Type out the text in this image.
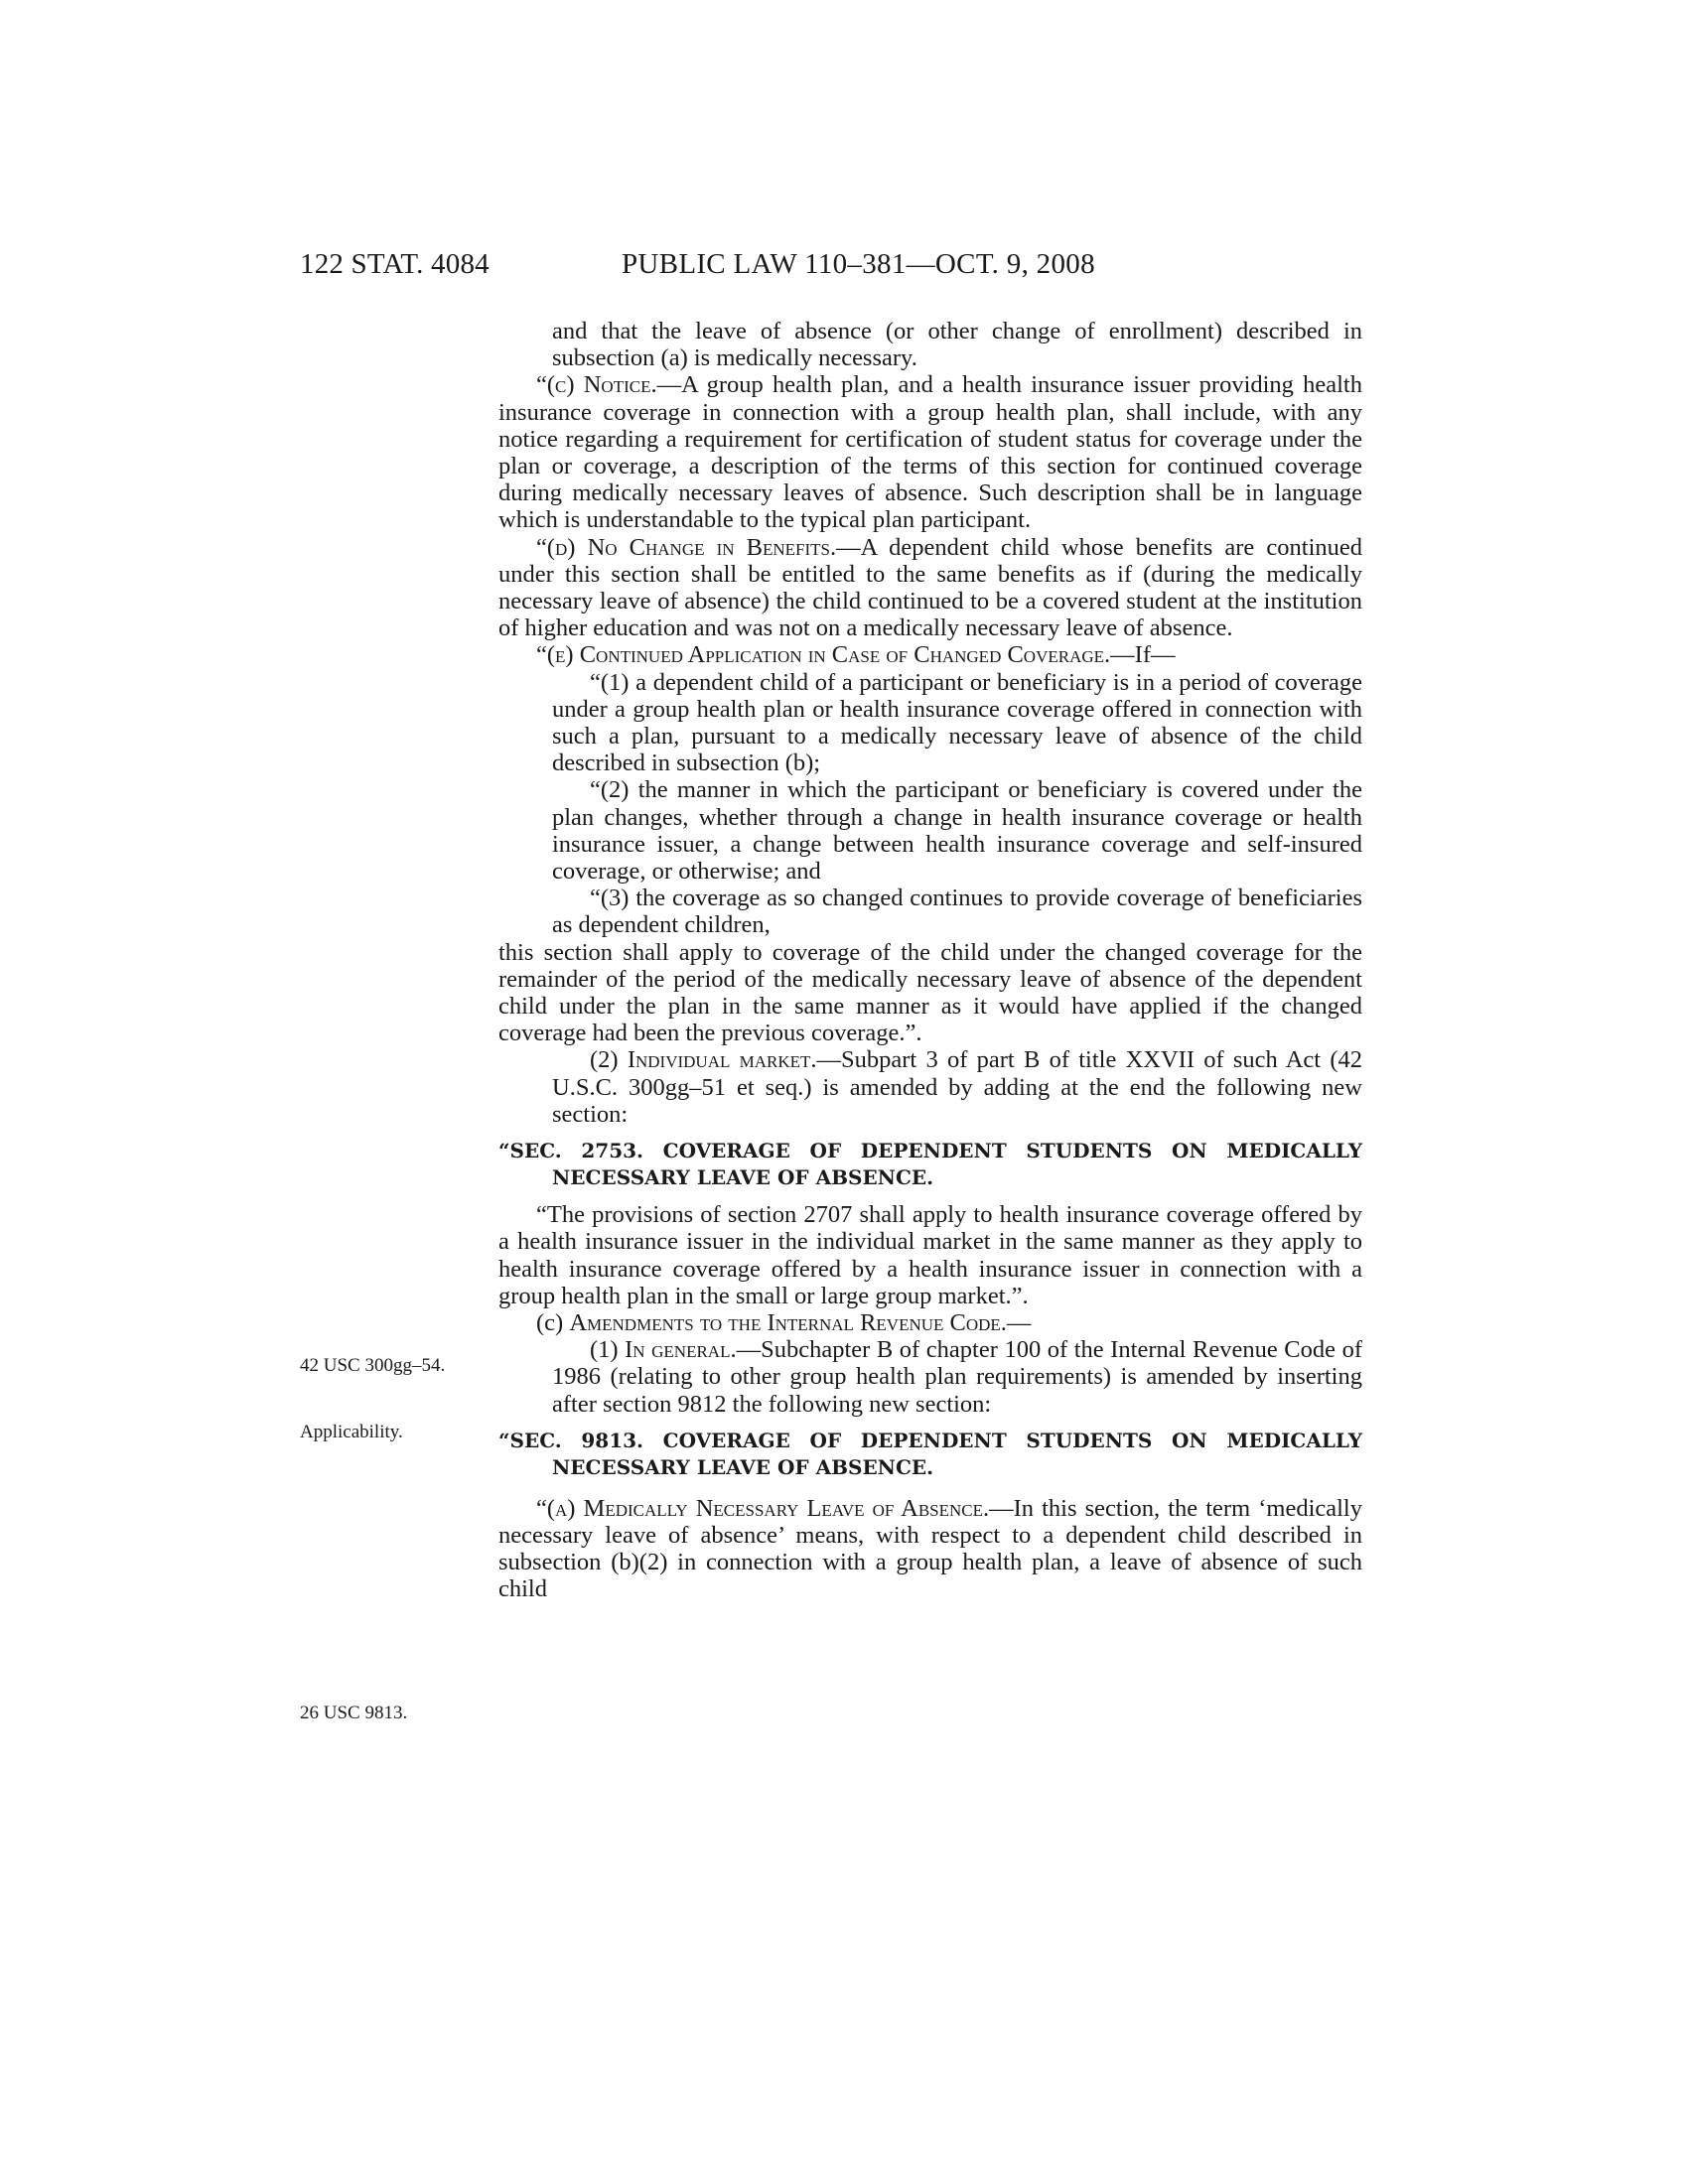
122 STAT. 4084	PUBLIC LAW 110–381—OCT. 9, 2008
42 USC 300gg–54.
Applicability.
26 USC 9813.

and that the leave of absence (or other change of enrollment) described in subsection (a) is medically necessary.

“(c) Notice.—A group health plan, and a health insurance issuer providing health insurance coverage in connection with a group health plan, shall include, with any notice regarding a requirement for certification of student status for coverage under the plan or coverage, a description of the terms of this section for continued coverage during medically necessary leaves of absence. Such description shall be in language which is understandable to the typical plan participant.

“(d) No Change in Benefits.—A dependent child whose benefits are continued under this section shall be entitled to the same benefits as if (during the medically necessary leave of absence) the child continued to be a covered student at the institution of higher education and was not on a medically necessary leave of absence.

“(e) Continued Application in Case of Changed Coverage.—If—

“(1) a dependent child of a participant or beneficiary is in a period of coverage under a group health plan or health insurance coverage offered in connection with such a plan, pursuant to a medically necessary leave of absence of the child described in subsection (b);

“(2) the manner in which the participant or beneficiary is covered under the plan changes, whether through a change in health insurance coverage or health insurance issuer, a change between health insurance coverage and self-insured coverage, or otherwise; and

“(3) the coverage as so changed continues to provide coverage of beneficiaries as dependent children,

this section shall apply to coverage of the child under the changed coverage for the remainder of the period of the medically necessary leave of absence of the dependent child under the plan in the same manner as it would have applied if the changed coverage had been the previous coverage.”.

(2) Individual market.—Subpart 3 of part B of title XXVII of such Act (42 U.S.C. 300gg–51 et seq.) is amended by adding at the end the following new section:

“SEC. 2753. COVERAGE OF DEPENDENT STUDENTS ON MEDICALLY NECESSARY LEAVE OF ABSENCE.

“The provisions of section 2707 shall apply to health insurance coverage offered by a health insurance issuer in the individual market in the same manner as they apply to health insurance coverage offered by a health insurance issuer in connection with a group health plan in the small or large group market.”.

(c) Amendments to the Internal Revenue Code.—

(1) In general.—Subchapter B of chapter 100 of the Internal Revenue Code of 1986 (relating to other group health plan requirements) is amended by inserting after section 9812 the following new section:

“SEC. 9813. COVERAGE OF DEPENDENT STUDENTS ON MEDICALLY NECESSARY LEAVE OF ABSENCE.

“(a) Medically Necessary Leave of Absence.—In this section, the term ‘medically necessary leave of absence’ means, with respect to a dependent child described in subsection (b)(2) in connection with a group health plan, a leave of absence of such child
